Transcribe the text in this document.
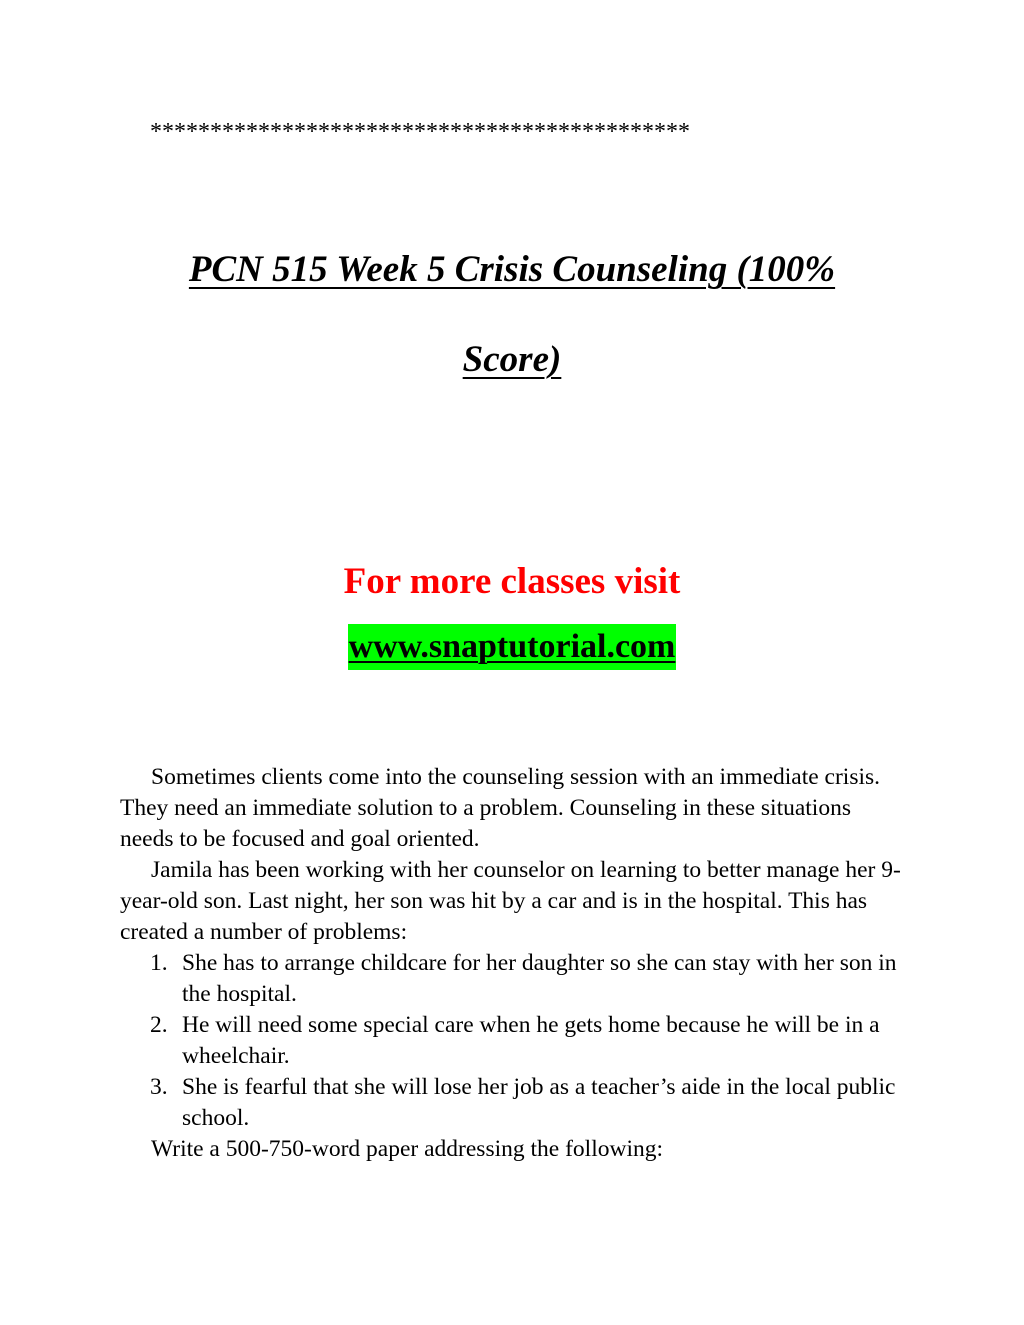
*********************************************
PCN 515 Week 5 Crisis Counseling (100%
Score)
For more classes visit
www.snaptutorial.com

Sometimes clients come into the counseling session with an immediate crisis. They need an immediate solution to a problem. Counseling in these situations needs to be focused and goal oriented.

Jamila has been working with her counselor on learning to better manage her 9-year-old son. Last night, her son was hit by a car and is in the hospital. This has created a number of problems:

1. She has to arrange childcare for her daughter so she can stay with her son in the hospital.
2. He will need some special care when he gets home because he will be in a wheelchair.
3. She is fearful that she will lose her job as a teacher’s aide in the local public school.

Write a 500-750-word paper addressing the following:
